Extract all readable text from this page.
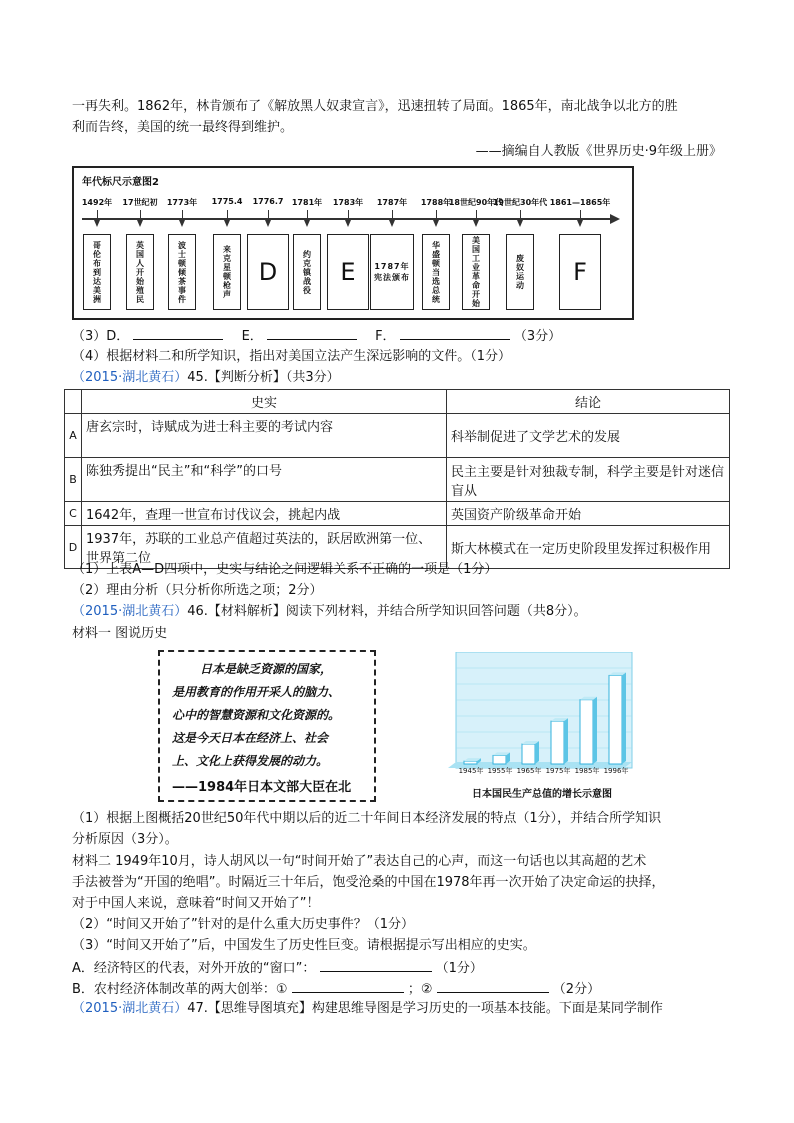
一再失利。1862年，林肯颁布了《解放黑人奴隶宣言》，迅速扭转了局面。1865年，南北战争以北方的胜
利而告终，美国的统一最终得到维护。
——摘编自人教版《世界历史·9年级上册》
年代标尺示意图2
1492年
哥伦布到达美洲
17世纪初
英国人开始殖民
1773年
波士顿倾茶事件
1775.4
来克星顿枪声
1776.7
D
1781年
约克镇战役
1783年
E
1787年
1787年宪法颁布
1788年
华盛顿当选总统
18世纪90年代
美国工业革命开始
19世纪30年代
废奴运动
1861—1865年
F
（3）D．	E．	F．	（3分）
（4）根据材料二和所学知识，指出对美国立法产生深远影响的文件。（1分）
（2015·湖北黄石）45.【判断分析】（共3分）
	史实	结论
A	唐玄宗时，诗赋成为进士科主要的考试内容	科举制促进了文学艺术的发展
B	陈独秀提出“民主”和“科学”的口号	民主主要是针对独裁专制，科学主要是针对迷信盲从
C	1642年，查理一世宣布讨伐议会，挑起内战	英国资产阶级革命开始
D	1937年，苏联的工业总产值超过英法的，跃居欧洲第一位、世界第二位	斯大林模式在一定历史阶段里发挥过积极作用
（1）上表A—D四项中，史实与结论之间逻辑关系不正确的一项是（1分）
（2）理由分析（只分析你所选之项；2分）
（2015·湖北黄石）46.【材料解析】阅读下列材料，并结合所学知识回答问题（共8分）。
材料一 图说历史
日本是缺乏资源的国家，
是用教育的作用开采人的脑力、
心中的智慧资源和文化资源的。
这是今天日本在经济上、社会
上、文化上获得发展的动力。
——1984年日本文部大臣在北
1945年 1955年 1965年 1975年 1985年 1996年
日本国民生产总值的增长示意图
（1）根据上图概括20世纪50年代中期以后的近二十年间日本经济发展的特点（1分），并结合所学知识
分析原因（3分）。
材料二 1949年10月，诗人胡风以一句“时间开始了”表达自己的心声，而这一句话也以其高超的艺术
手法被誉为“开国的绝唱”。时隔近三十年后，饱受沧桑的中国在1978年再一次开始了决定命运的抉择，
对于中国人来说，意味着“时间又开始了”！
（2）“时间又开始了”针对的是什么重大历史事件？（1分）
（3）“时间又开始了”后，中国发生了历史性巨变。请根据提示写出相应的史实。
A．经济特区的代表，对外开放的“窗口”：	（1分）
B．农村经济体制改革的两大创举：①	；②	（2分）
（2015·湖北黄石）47.【思维导图填充】构建思维导图是学习历史的一项基本技能。下面是某同学制作
